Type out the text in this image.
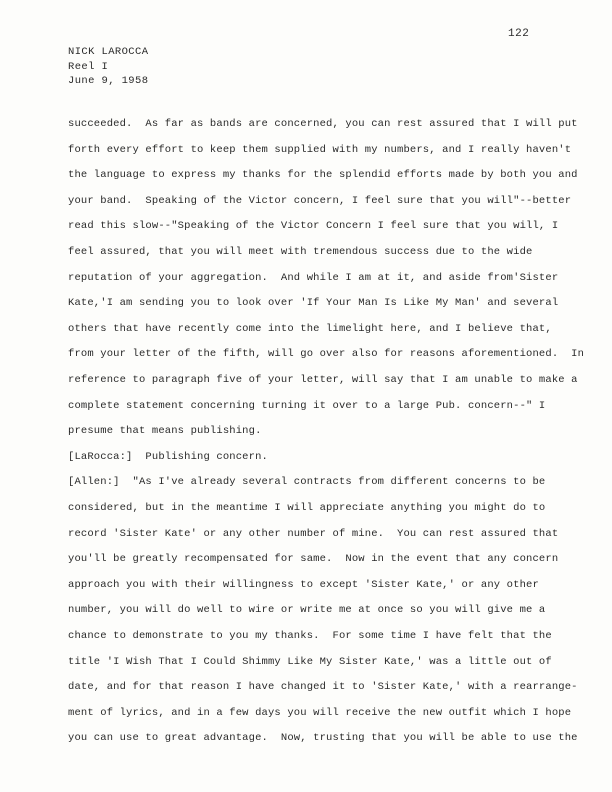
122
NICK LAROCCA
Reel I
June 9, 1958
succeeded.  As far as bands are concerned, you can rest assured that I will put
forth every effort to keep them supplied with my numbers, and I really haven't
the language to express my thanks for the splendid efforts made by both you and
your band.  Speaking of the Victor concern, I feel sure that you will"--better
read this slow--"Speaking of the Victor Concern I feel sure that you will, I
feel assured, that you will meet with tremendous success due to the wide
reputation of your aggregation.  And while I am at it, and aside from'Sister
Kate,'I am sending you to look over 'If Your Man Is Like My Man' and several
others that have recently come into the limelight here, and I believe that,
from your letter of the fifth, will go over also for reasons aforementioned.  In
reference to paragraph five of your letter, will say that I am unable to make a
complete statement concerning turning it over to a large Pub. concern--" I
presume that means publishing.
[LaRocca:]  Publishing concern.
[Allen:]  "As I've already several contracts from different concerns to be
considered, but in the meantime I will appreciate anything you might do to
record 'Sister Kate' or any other number of mine.  You can rest assured that
you'll be greatly recompensated for same.  Now in the event that any concern
approach you with their willingness to except 'Sister Kate,' or any other
number, you will do well to wire or write me at once so you will give me a
chance to demonstrate to you my thanks.  For some time I have felt that the
title 'I Wish That I Could Shimmy Like My Sister Kate,' was a little out of
date, and for that reason I have changed it to 'Sister Kate,' with a rearrange-
ment of lyrics, and in a few days you will receive the new outfit which I hope
you can use to great advantage.  Now, trusting that you will be able to use the
